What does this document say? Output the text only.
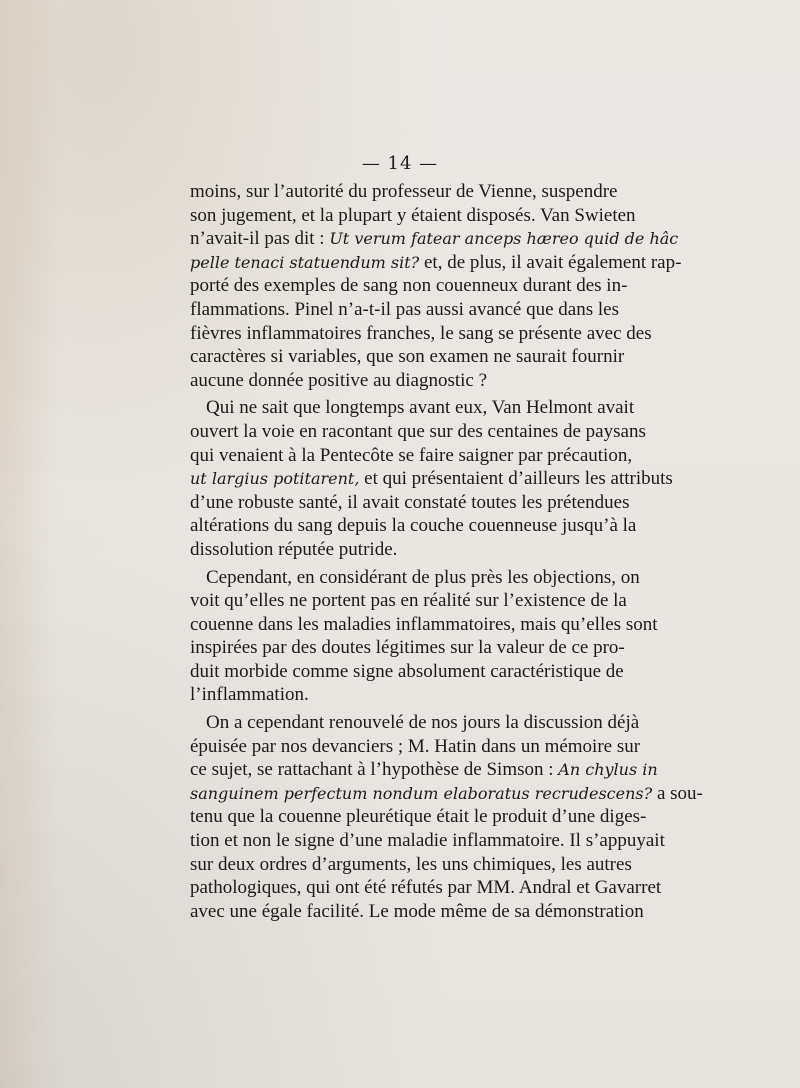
— 14 —
moins, sur l’autorité du professeur de Vienne, suspendre
son jugement, et la plupart y étaient disposés. Van Swieten
n’avait-il pas dit : Ut verum fatear anceps hæreo quid de hâc
pelle tenaci statuendum sit? et, de plus, il avait également rap-
porté des exemples de sang non couenneux durant des in-
flammations. Pinel n’a-t-il pas aussi avancé que dans les
fièvres inflammatoires franches, le sang se présente avec des
caractères si variables, que son examen ne saurait fournir
aucune donnée positive au diagnostic ?
Qui ne sait que longtemps avant eux, Van Helmont avait
ouvert la voie en racontant que sur des centaines de paysans
qui venaient à la Pentecôte se faire saigner par précaution,
ut largius potitarent, et qui présentaient d’ailleurs les attributs
d’une robuste santé, il avait constaté toutes les prétendues
altérations du sang depuis la couche couenneuse jusqu’à la
dissolution réputée putride.
Cependant, en considérant de plus près les objections, on
voit qu’elles ne portent pas en réalité sur l’existence de la
couenne dans les maladies inflammatoires, mais qu’elles sont
inspirées par des doutes légitimes sur la valeur de ce pro-
duit morbide comme signe absolument caractéristique de
l’inflammation.
On a cependant renouvelé de nos jours la discussion déjà
épuisée par nos devanciers ; M. Hatin dans un mémoire sur
ce sujet, se rattachant à l’hypothèse de Simson : An chylus in
sanguinem perfectum nondum elaboratus recrudescens? a sou-
tenu que la couenne pleurétique était le produit d’une diges-
tion et non le signe d’une maladie inflammatoire. Il s’appuyait
sur deux ordres d’arguments, les uns chimiques, les autres
pathologiques, qui ont été réfutés par MM. Andral et Gavarret
avec une égale facilité. Le mode même de sa démonstration
